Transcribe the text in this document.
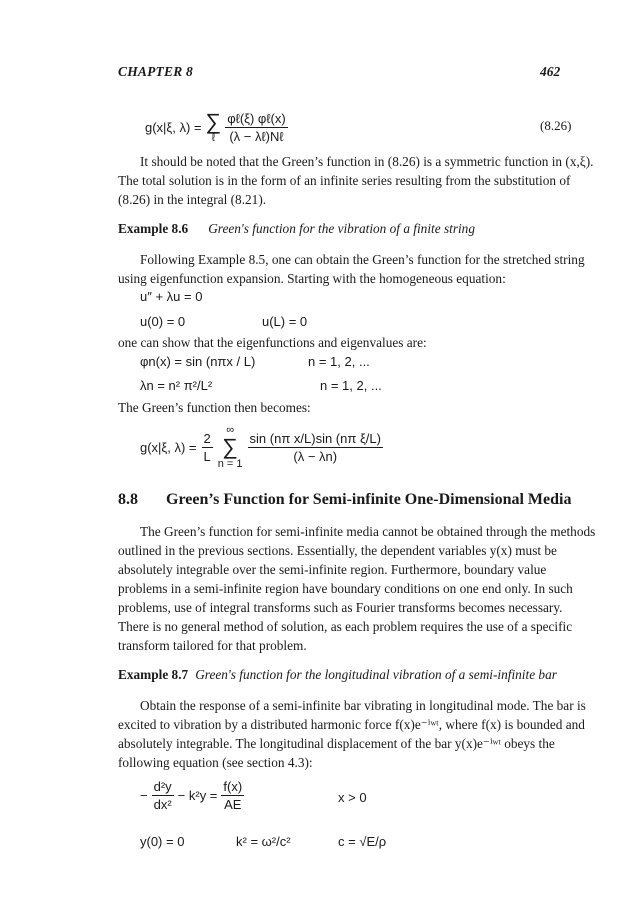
CHAPTER 8	462
g(x|ξ, λ) = ∑
ℓ $\frac{\text{φℓ(ξ) φℓ(x)}}{\text{(λ − λℓ)Nℓ}}$	(8.26)
It should be noted that the Green’s function in (8.26) is a symmetric function in (x,ξ).
The total solution is in the form of an infinite series resulting from the substitution of
(8.26) in the integral (8.21).
Example 8.6 Green's function for the vibration of a finite string
Following Example 8.5, one can obtain the Green’s function for the stretched string
using eigenfunction expansion. Starting with the homogeneous equation:
u″ + λu = 0
u(0) = 0	u(L) = 0
one can show that the eigenfunctions and eigenvalues are:
φn(x) = sin (nπx / L)	n = 1, 2, ...
λn = n² π²/L²	n = 1, 2, ...
The Green’s function then becomes:
g(x|ξ, $\lambda) = \frac{2}{L}$
∞
∑
n = 1
$\frac{\text{sin (nπ x/L)sin (nπ ξ/L)}}{(\lambda - \lambda n)}$
8.8 Green’s Function for Semi-infinite One-Dimensional Media
The Green’s function for semi-infinite media cannot be obtained through the methods
outlined in the previous sections. Essentially, the dependent variables y(x) must be
absolutely integrable over the semi-infinite region. Furthermore, boundary value
problems in a semi-infinite region have boundary conditions on one end only. In such
problems, use of integral transforms such as Fourier transforms becomes necessary.
There is no general method of solution, as each problem requires the use of a specific
transform tailored for that problem.
Example 8.7 Green's function for the longitudinal vibration of a semi-infinite bar
Obtain the response of a semi-infinite bar vibrating in longitudinal mode. The bar is
excited to vibration by a distributed harmonic force f(x)e⁻ⁱʷᵗ, where f(x) is bounded and
absolutely integrable. The longitudinal displacement of the bar y(x)e⁻ⁱʷᵗ obeys the
following equation (see section 4.3):
− $\frac{\text{d²y}}{\text{dx²}} - k^2y = \frac{f(x)}{AE}$	x > 0
y(0) = 0	k² = ω²/c²	c = √E/ρ
